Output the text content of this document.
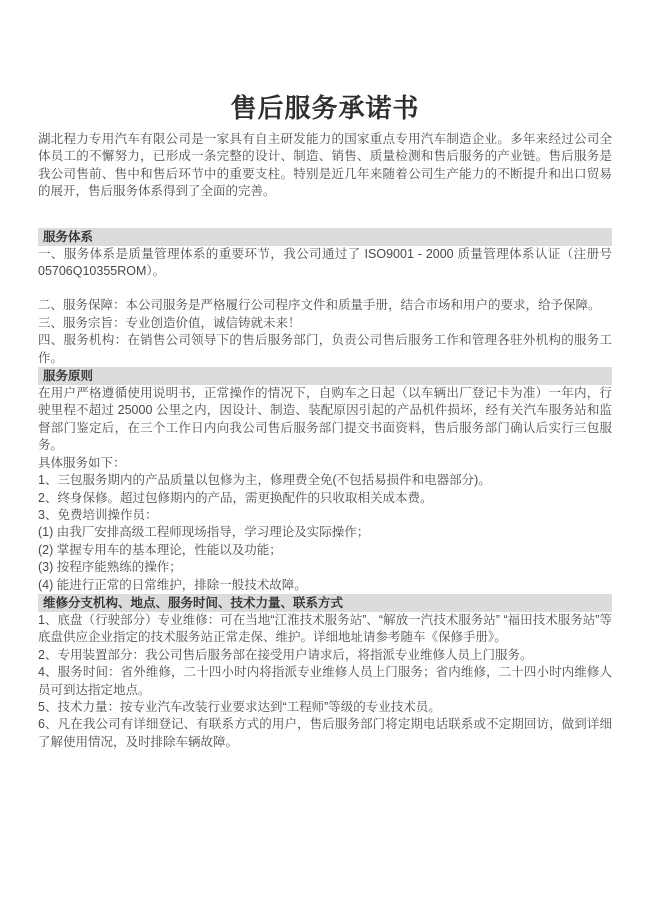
售后服务承诺书

湖北程力专用汽车有限公司是一家具有自主研发能力的国家重点专用汽车制造企业。多年来经过公司全体员工的不懈努力，已形成一条完整的设计、制造、销售、质量检测和售后服务的产业链。售后服务是我公司售前、售中和售后环节中的重要支柱。特别是近几年来随着公司生产能力的不断提升和出口贸易的展开，售后服务体系得到了全面的完善。

服务体系

一、服务体系是质量管理体系的重要环节，我公司通过了 ISO9001 - 2000 质量管理体系认证（注册号 05706Q10355ROM）。

二、服务保障：本公司服务是严格履行公司程序文件和质量手册，结合市场和用户的要求，给予保障。

三、服务宗旨：专业创造价值，诚信铸就未来！

四、服务机构：在销售公司领导下的售后服务部门，负责公司售后服务工作和管理各驻外机构的服务工作。

服务原则

在用户严格遵循使用说明书，正常操作的情况下，自购车之日起（以车辆出厂登记卡为准）一年内，行驶里程不超过 25000 公里之内，因设计、制造、装配原因引起的产品机件损坏，经有关汽车服务站和监督部门鉴定后，在三个工作日内向我公司售后服务部门提交书面资料，售后服务部门确认后实行三包服务。

具体服务如下：

1、三包服务期内的产品质量以包修为主，修理费全免(不包括易损件和电器部分)。

2、终身保修。超过包修期内的产品，需更换配件的只收取相关成本费。

3、免费培训操作员：

(1) 由我厂安排高级工程师现场指导，学习理论及实际操作；

(2) 掌握专用车的基本理论，性能以及功能；

(3) 按程序能熟练的操作；

(4) 能进行正常的日常维护，排除一般技术故障。

维修分支机构、地点、服务时间、技术力量、联系方式

1、底盘（行驶部分）专业维修：可在当地“江淮技术服务站”、“解放一汽技术服务站” “福田技术服务站”等底盘供应企业指定的技术服务站正常走保、维护。详细地址请参考随车《保修手册》。

2、专用装置部分：我公司售后服务部在接受用户请求后，将指派专业维修人员上门服务。

4、服务时间：省外维修，二十四小时内将指派专业维修人员上门服务；省内维修，二十四小时内维修人员可到达指定地点。

5、技术力量：按专业汽车改装行业要求达到“工程师”等级的专业技术员。

6、凡在我公司有详细登记、有联系方式的用户，售后服务部门将定期电话联系或不定期回访，做到详细了解使用情况，及时排除车辆故障。
